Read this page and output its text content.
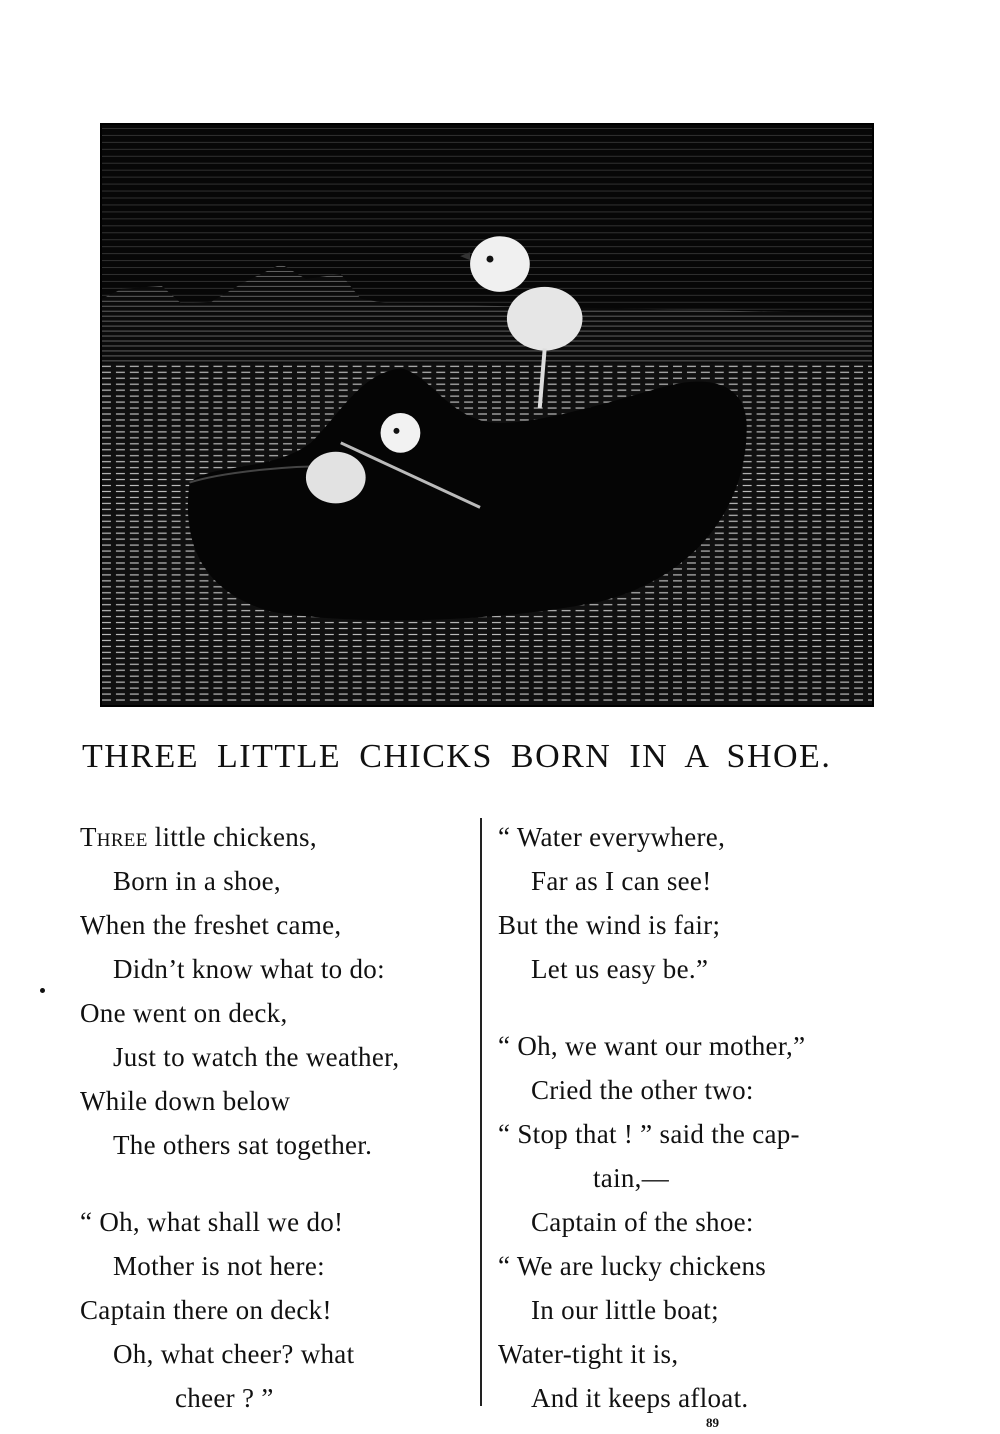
THREE LITTLE CHICKS BORN IN A SHOE.
Three little chickens,
Born in a shoe,
When the freshet came,
Didn’t know what to do:
One went on deck,
Just to watch the weather,
While down below
The others sat together.
“ Oh, what shall we do!
Mother is not here:
Captain there on deck!
Oh, what cheer? what
cheer ? ”
“ Water everywhere,
Far as I can see!
But the wind is fair;
Let us easy be.”
“ Oh, we want our mother,”
Cried the other two:
“ Stop that ! ” said the cap-
tain,—
Captain of the shoe:
“ We are lucky chickens
In our little boat;
Water-tight it is,
And it keeps afloat.
89
